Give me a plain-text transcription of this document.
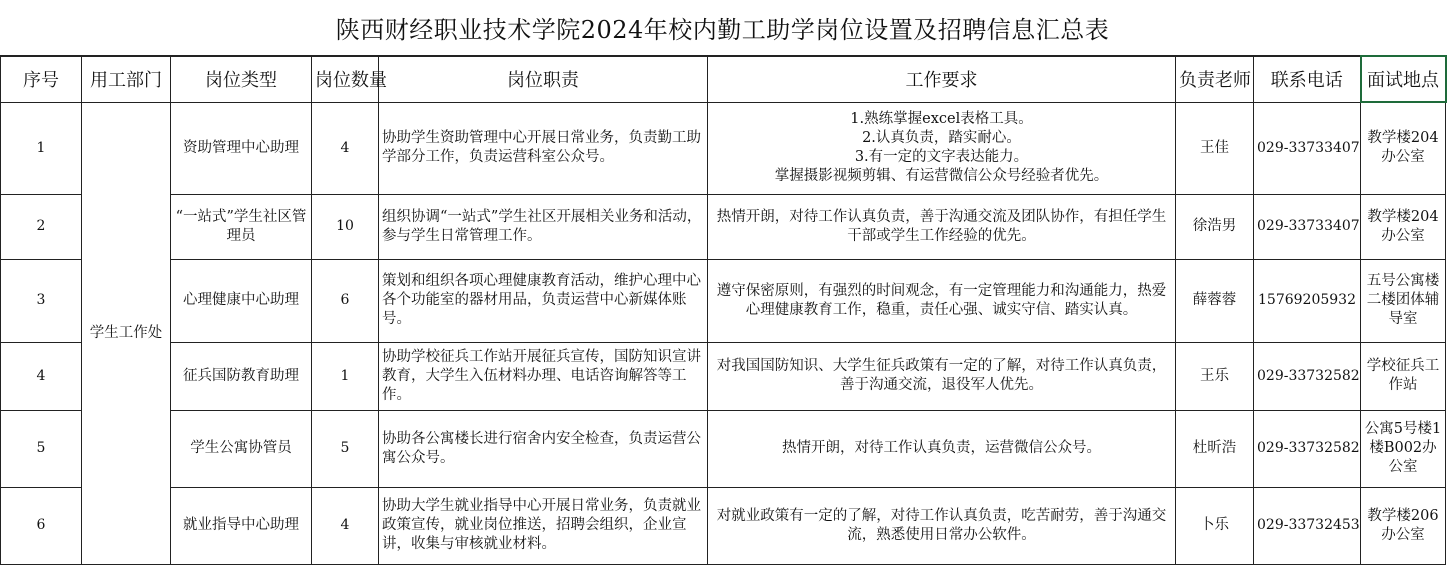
陕西财经职业技术学院2024年校内勤工助学岗位设置及招聘信息汇总表
序号	用工部门	岗位类型	岗位数量	岗位职责	工作要求	负责老师	联系电话	面试地点
1	学生工作处	资助管理中心助理	4	协助学生资助管理中心开展日常业务，负责勤工助学部分工作，负责运营科室公众号。	1.熟练掌握excel表格工具。
2.认真负责，踏实耐心。
3.有一定的文字表达能力。
掌握摄影视频剪辑、有运营微信公众号经验者优先。	王佳	029-33733407	教学楼204办公室
2		“一站式”学生社区管理员	10	组织协调“一站式”学生社区开展相关业务和活动，参与学生日常管理工作。	热情开朗，对待工作认真负责，善于沟通交流及团队协作，有担任学生干部或学生工作经验的优先。	徐浩男	029-33733407	教学楼204办公室
3		心理健康中心助理	6	策划和组织各项心理健康教育活动，维护心理中心各个功能室的器材用品，负责运营中心新媒体账号。	遵守保密原则，有强烈的时间观念，有一定管理能力和沟通能力，热爱心理健康教育工作，稳重，责任心强、诚实守信、踏实认真。	薛蓉蓉	15769205932	五号公寓楼二楼团体辅导室
4		征兵国防教育助理	1	协助学校征兵工作站开展征兵宣传，国防知识宣讲教育，大学生入伍材料办理、电话咨询解答等工作。	对我国国防知识、大学生征兵政策有一定的了解，对待工作认真负责，善于沟通交流，退役军人优先。	王乐	029-33732582	学校征兵工作站
5		学生公寓协管员	5	协助各公寓楼长进行宿舍内安全检查，负责运营公寓公众号。	热情开朗，对待工作认真负责，运营微信公众号。	杜昕浩	029-33732582	公寓5号楼1楼B002办公室
6		就业指导中心助理	4	协助大学生就业指导中心开展日常业务，负责就业政策宣传，就业岗位推送，招聘会组织，企业宣讲，收集与审核就业材料。	对就业政策有一定的了解，对待工作认真负责，吃苦耐劳，善于沟通交流，熟悉使用日常办公软件。	卜乐	029-33732453	教学楼206办公室
